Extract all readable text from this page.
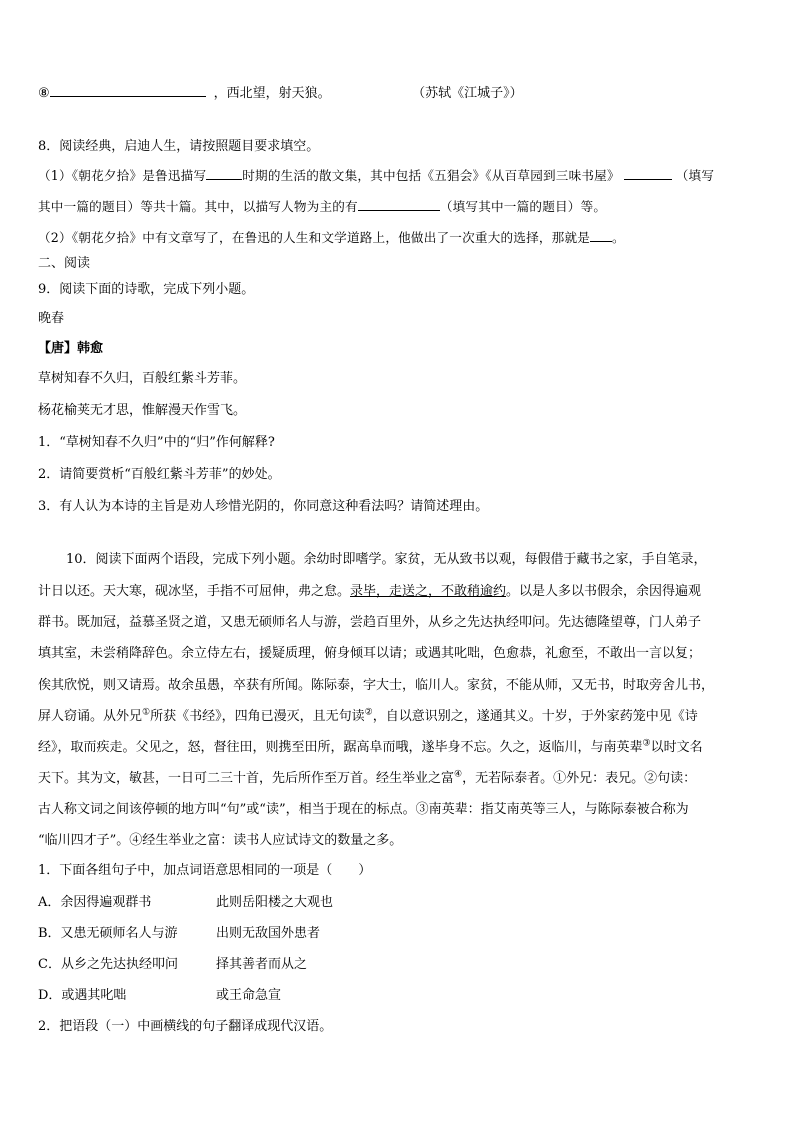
⑧	，西北望，射天狼。	（苏轼《江城子》）
8．阅读经典，启迪人生，请按照题目要求填空。
（1）《朝花夕拾》是鲁迅描写	时期的生活的散文集，其中包括《五猖会》《从百草园到三味书屋》	（填写
其中一篇的题目）等共十篇。其中，以描写人物为主的有	（填写其中一篇的题目）等。
（2）《朝花夕拾》中有文章写了，在鲁迅的人生和文学道路上，他做出了一次重大的选择，那就是 。
二、阅读
9．阅读下面的诗歌，完成下列小题。
晚春
【唐】韩愈
草树知春不久归，百般红紫斗芳菲。
杨花榆荚无才思，惟解漫天作雪飞。
1．“草树知春不久归”中的“归”作何解释?
2．请简要赏析“百般红紫斗芳菲”的妙处。
3．有人认为本诗的主旨是劝人珍惜光阴的，你同意这种看法吗？请简述理由。
10．阅读下面两个语段，完成下列小题。余幼时即嗜学。家贫，无从致书以观，每假借于藏书之家，手自笔录，
计日以还。天大寒，砚冰坚，手指不可屈伸，弗之怠。录毕，走送之，不敢稍逾约。以是人多以书假余，余因得遍观
群书。既加冠，益慕圣贤之道，又患无硕师名人与游，尝趋百里外，从乡之先达执经叩问。先达德隆望尊，门人弟子
填其室，未尝稍降辞色。余立侍左右，援疑质理，俯身倾耳以请；或遇其叱咄，色愈恭，礼愈至，不敢出一言以复；
俟其欣悦，则又请焉。故余虽愚，卒获有所闻。陈际泰，字大士，临川人。家贫，不能从师，又无书，时取旁舍儿书，
屏人窃诵。从外兄①所获《书经》，四角已漫灭，且无句读②，自以意识别之，遂通其义。十岁，于外家药笼中见《诗
经》，取而疾走。父见之，怒，督往田，则携至田所，踞高阜而哦，遂毕身不忘。久之，返临川，与南英辈③以时文名
天下。其为文，敏甚，一日可二三十首，先后所作至万首。经生举业之富④，无若际泰者。①外兄：表兄。②句读：
古人称文词之间该停顿的地方叫“句”或“读”，相当于现在的标点。③南英辈：指艾南英等三人，与陈际泰被合称为
“临川四才子”。④经生举业之富：读书人应试诗文的数量之多。
1．下面各组句子中，加点词语意思相同的一项是（　　）
A．余因得遍观群书	此则岳阳楼之大观也
B．又患无硕师名人与游	出则无敌国外患者
C．从乡之先达执经叩问	择其善者而从之
D．或遇其叱咄	或王命急宣
2．把语段（一）中画横线的句子翻译成现代汉语。
